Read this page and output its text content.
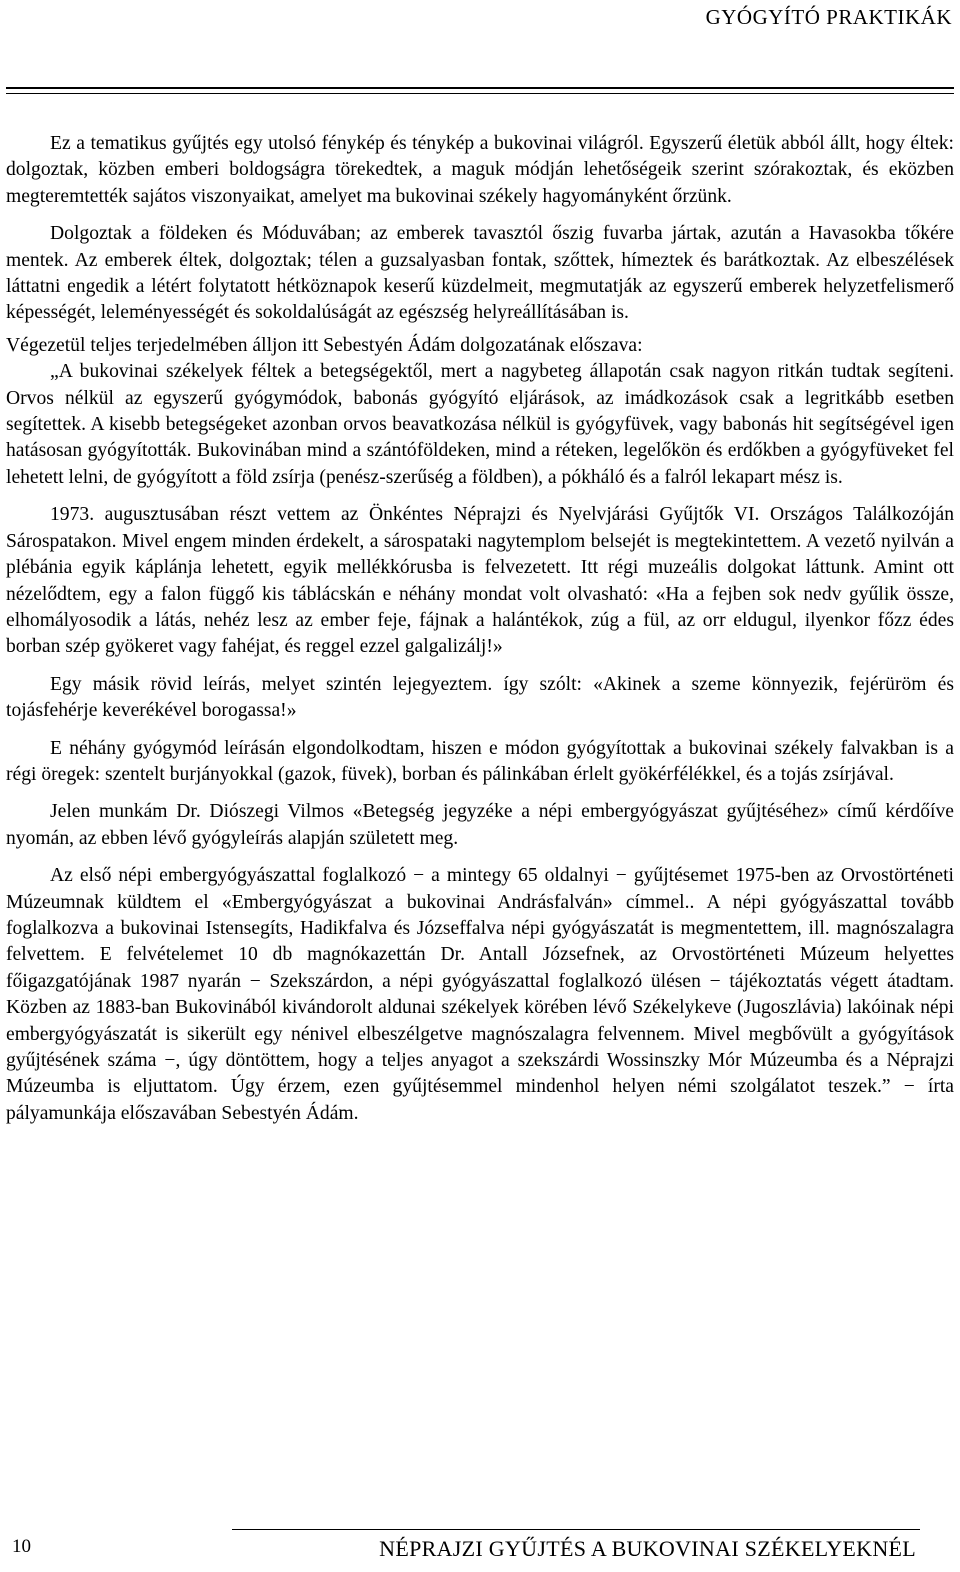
GYÓGYÍTÓ PRAKTIKÁK

Ez a tematikus gyűjtés egy utolsó fénykép és ténykép a bukovinai világról. Egyszerű életük abból állt, hogy éltek: dolgoztak, közben emberi boldogságra törekedtek, a maguk módján lehetőségeik szerint szórakoztak, és eközben megteremtették sajátos viszonyaikat, amelyet ma bukovinai székely hagyományként őrzünk.

Dolgoztak a földeken és Móduvában; az emberek tavasztól őszig fuvarba jártak, azután a Havasokba tőkére mentek. Az emberek éltek, dolgoztak; télen a guzsalyasban fontak, szőttek, hímeztek és barátkoztak. Az elbeszélések láttatni engedik a létért folytatott hétköznapok keserű küzdelmeit, megmutatják az egyszerű emberek helyzetfelismerő képességét, leleményességét és sokoldalúságát az egészség helyreállításában is.

Végezetül teljes terjedelmében álljon itt Sebestyén Ádám dolgozatának előszava:

„A bukovinai székelyek féltek a betegségektől, mert a nagybeteg állapotán csak nagyon ritkán tudtak segíteni. Orvos nélkül az egyszerű gyógymódok, babonás gyógyító eljárások, az imádkozások csak a legritkább esetben segítettek. A kisebb betegségeket azonban orvos beavatkozása nélkül is gyógyfüvek, vagy babonás hit segítségével igen hatásosan gyógyították. Bukovinában mind a szántóföldeken, mind a réteken, legelőkön és erdőkben a gyógyfüveket fel lehetett lelni, de gyógyított a föld zsírja (penész-szerűség a földben), a pókháló és a falról lekapart mész is.

1973. augusztusában részt vettem az Önkéntes Néprajzi és Nyelvjárási Gyűjtők VI. Országos Találkozóján Sárospatakon. Mivel engem minden érdekelt, a sárospataki nagytemplom belsejét is megtekintettem. A vezető nyilván a plébánia egyik káplánja lehetett, egyik mellékkórusba is felvezetett. Itt régi muzeális dolgokat láttunk. Amint ott nézelődtem, egy a falon függő kis táblácskán e néhány mondat volt olvasható: «Ha a fejben sok nedv gyűlik össze, elhomályosodik a látás, nehéz lesz az ember feje, fájnak a halántékok, zúg a fül, az orr eldugul, ilyenkor főzz édes borban szép gyökeret vagy fahéjat, és reggel ezzel galgalizálj!»

Egy másik rövid leírás, melyet szintén lejegyeztem. így szólt: «Akinek a szeme könnyezik, fejérüröm és tojásfehérje keverékével borogassa!»

E néhány gyógymód leírásán elgondolkodtam, hiszen e módon gyógyítottak a bukovinai székely falvakban is a régi öregek: szentelt burjányokkal (gazok, füvek), borban és pálinkában érlelt gyökérfélékkel, és a tojás zsírjával.

Jelen munkám Dr. Diószegi Vilmos «Betegség jegyzéke a népi embergyógyászat gyűjtéséhez» című kérdőíve nyomán, az ebben lévő gyógyleírás alapján született meg.

Az első népi embergyógyászattal foglalkozó − a mintegy 65 oldalnyi − gyűjtésemet 1975-ben az Orvostörténeti Múzeumnak küldtem el «Embergyógyászat a bukovinai Andrásfalván» címmel.. A népi gyógyászattal tovább foglalkozva a bukovinai Istensegíts, Hadikfalva és Józseffalva népi gyógyászatát is megmentettem, ill. magnószalagra felvettem. E felvételemet 10 db magnókazettán Dr. Antall Józsefnek, az Orvostörténeti Múzeum helyettes főigazgatójának 1987 nyarán − Szekszárdon, a népi gyógyászattal foglalkozó ülésen − tájékoztatás végett átadtam. Közben az 1883-ban Bukovinából kivándorolt aldunai székelyek körében lévő Székelykeve (Jugoszlávia) lakóinak népi embergyógyászatát is sikerült egy nénivel elbeszélgetve magnószalagra felvennem. Mivel megbővült a gyógyítások gyűjtésének száma −, úgy döntöttem, hogy a teljes anyagot a szekszárdi Wossinszky Mór Múzeumba és a Néprajzi Múzeumba is eljuttatom. Úgy érzem, ezen gyűjtésemmel mindenhol helyen némi szolgálatot teszek.” − írta pályamunkája előszavában Sebestyén Ádám.

10	NÉPRAJZI GYŰJTÉS A BUKOVINAI SZÉKELYEKNÉL
